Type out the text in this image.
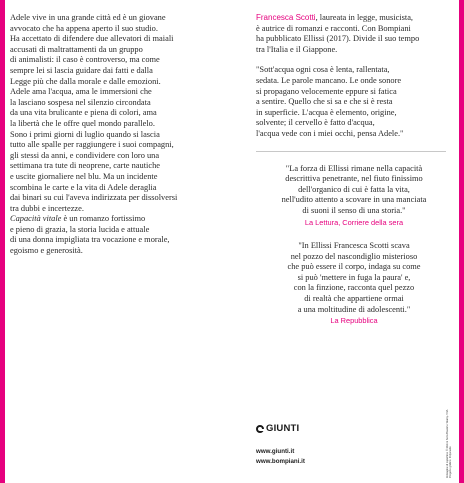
Adele vive in una grande città ed è un giovane
avvocato che ha appena aperto il suo studio.
Ha accettato di difendere due allevatori di maiali
accusati di maltrattamenti da un gruppo
di animalisti: il caso è controverso, ma come
sempre lei si lascia guidare dai fatti e dalla
Legge più che dalla morale e dalle emozioni.
Adele ama l'acqua, ama le immersioni che
la lasciano sospesa nel silenzio circondata
da una vita brulicante e piena di colori, ama
la libertà che le offre quel mondo parallelo.
Sono i primi giorni di luglio quando si lascia
tutto alle spalle per raggiungere i suoi compagni,
gli stessi da anni, e condividere con loro una
settimana tra tute di neoprene, carte nautiche
e uscite giornaliere nel blu. Ma un incidente
scombina le carte e la vita di Adele deraglia
dai binari su cui l'aveva indirizzata per dissolversi
tra dubbi e incertezze.
Capacità vitale è un romanzo fortissimo
e pieno di grazia, la storia lucida e attuale
di una donna impigliata tra vocazione e morale,
egoismo e generosità.

Francesca Scotti, laureata in legge, musicista,
è autrice di romanzi e racconti. Con Bompiani
ha pubblicato Ellissi (2017). Divide il suo tempo
tra l'Italia e il Giappone.

"Sott'acqua ogni cosa è lenta, rallentata,
sedata. Le parole mancano. Le onde sonore
si propagano velocemente eppure si fatica
a sentire. Quello che si sa e che si è resta
in superficie. L'acqua è elemento, origine,
solvente; il cervello è fatto d'acqua,
l'acqua vede con i miei occhi, pensa Adele."

"La forza di Ellissi rimane nella capacità
descrittiva penetrante, nel fiuto finissimo
dell'organico di cui è fatta la vita,
nell'udito attento a scovare in una manciata
di suoni il senso di una storia."
La Lettura, Corriere della sera

"In Ellissi Francesca Scotti scava
nel pozzo del nascondiglio misterioso
che può essere il corpo, indaga su come
si può 'mettere in fuga la paura' e,
con la finzione, racconta quel pezzo
di realtà che appartiene ormai
a una moltitudine di adolescenti."
La Repubblica

GIUNTI
www.giunti.it
www.bompiani.it	Immagine di copertina: © Rick & Nora Bowers / Alamy / VIA Progetto grafico: Polystudio
